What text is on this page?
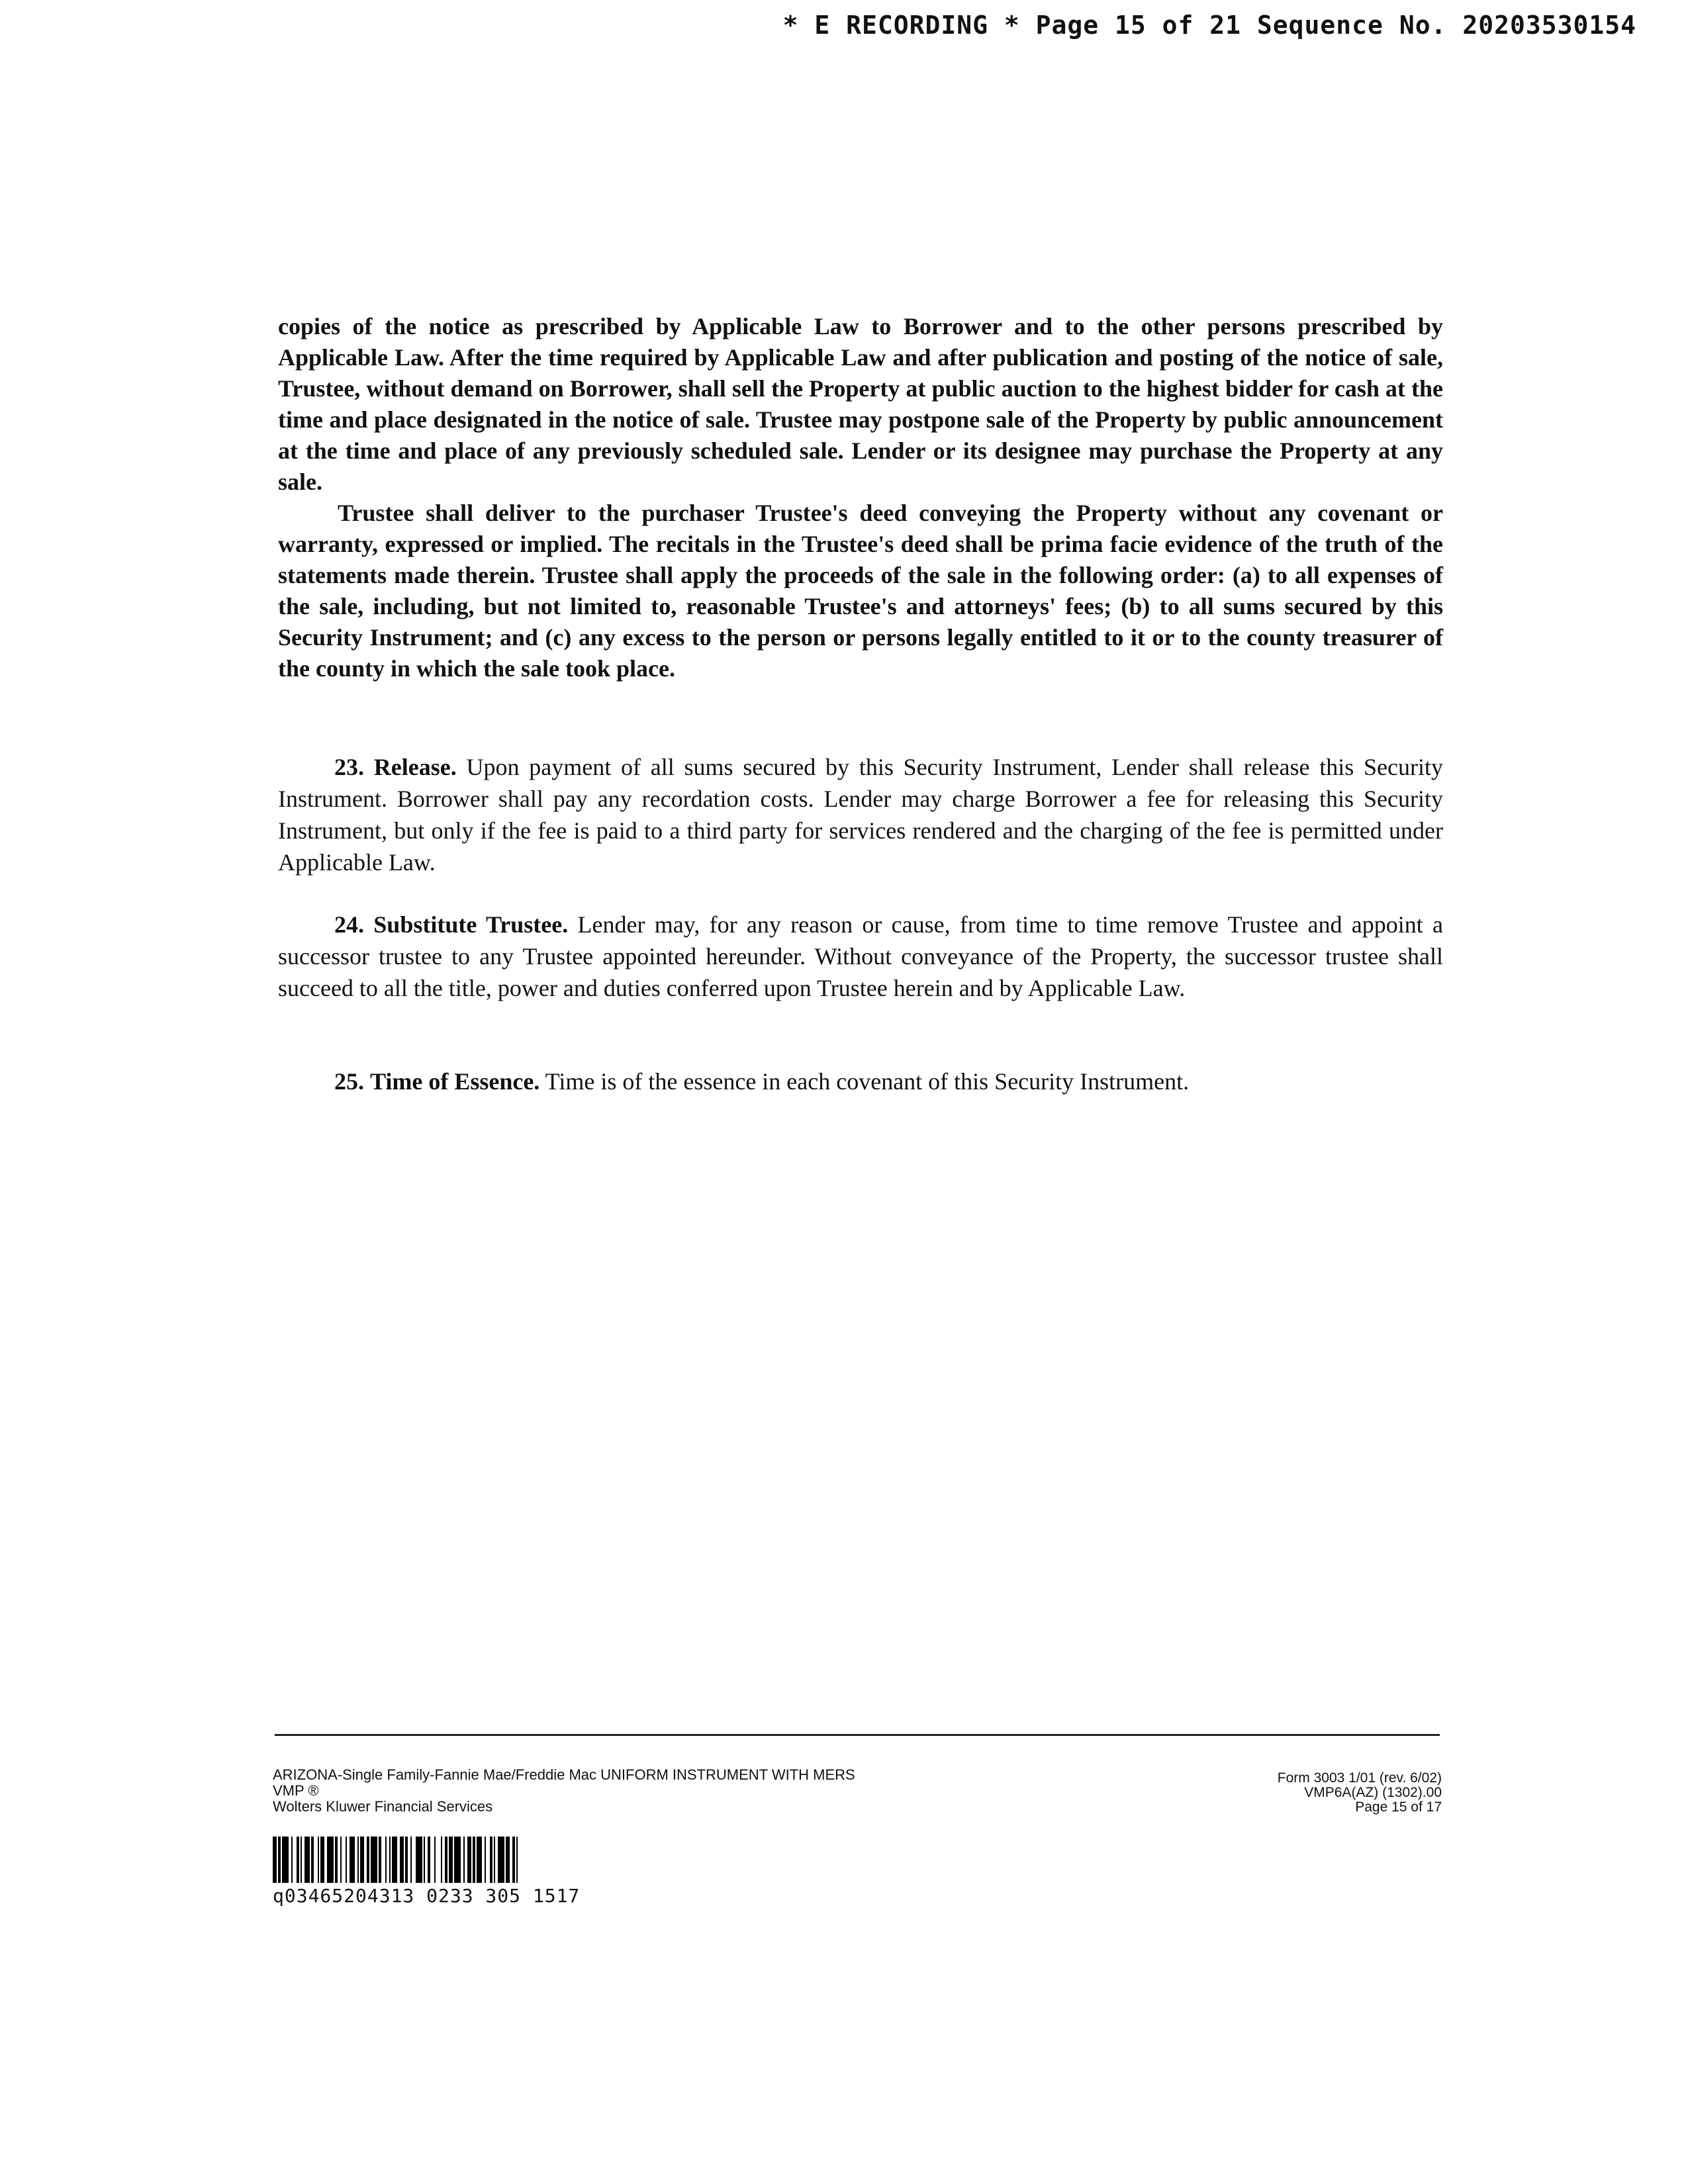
* E RECORDING * Page 15 of 21 Sequence No. 20203530154

copies of the notice as prescribed by Applicable Law to Borrower and to the other persons prescribed by Applicable Law. After the time required by Applicable Law and after publication and posting of the notice of sale, Trustee, without demand on Borrower, shall sell the Property at public auction to the highest bidder for cash at the time and place designated in the notice of sale. Trustee may postpone sale of the Property by public announcement at the time and place of any previously scheduled sale. Lender or its designee may purchase the Property at any sale.

Trustee shall deliver to the purchaser Trustee's deed conveying the Property without any covenant or warranty, expressed or implied. The recitals in the Trustee's deed shall be prima facie evidence of the truth of the statements made therein. Trustee shall apply the proceeds of the sale in the following order: (a) to all expenses of the sale, including, but not limited to, reasonable Trustee's and attorneys' fees; (b) to all sums secured by this Security Instrument; and (c) any excess to the person or persons legally entitled to it or to the county treasurer of the county in which the sale took place.

23. Release. Upon payment of all sums secured by this Security Instrument, Lender shall release this Security Instrument. Borrower shall pay any recordation costs. Lender may charge Borrower a fee for releasing this Security Instrument, but only if the fee is paid to a third party for services rendered and the charging of the fee is permitted under Applicable Law.

24. Substitute Trustee. Lender may, for any reason or cause, from time to time remove Trustee and appoint a successor trustee to any Trustee appointed hereunder. Without conveyance of the Property, the successor trustee shall succeed to all the title, power and duties conferred upon Trustee herein and by Applicable Law.

25. Time of Essence. Time is of the essence in each covenant of this Security Instrument.

ARIZONA-Single Family-Fannie Mae/Freddie Mac UNIFORM INSTRUMENT WITH MERS
VMP ®
Wolters Kluwer Financial Services
Form 3003 1/01 (rev. 6/02)
VMP6A(AZ) (1302).00
Page 15 of 17
q03465204313 0233 305 1517
